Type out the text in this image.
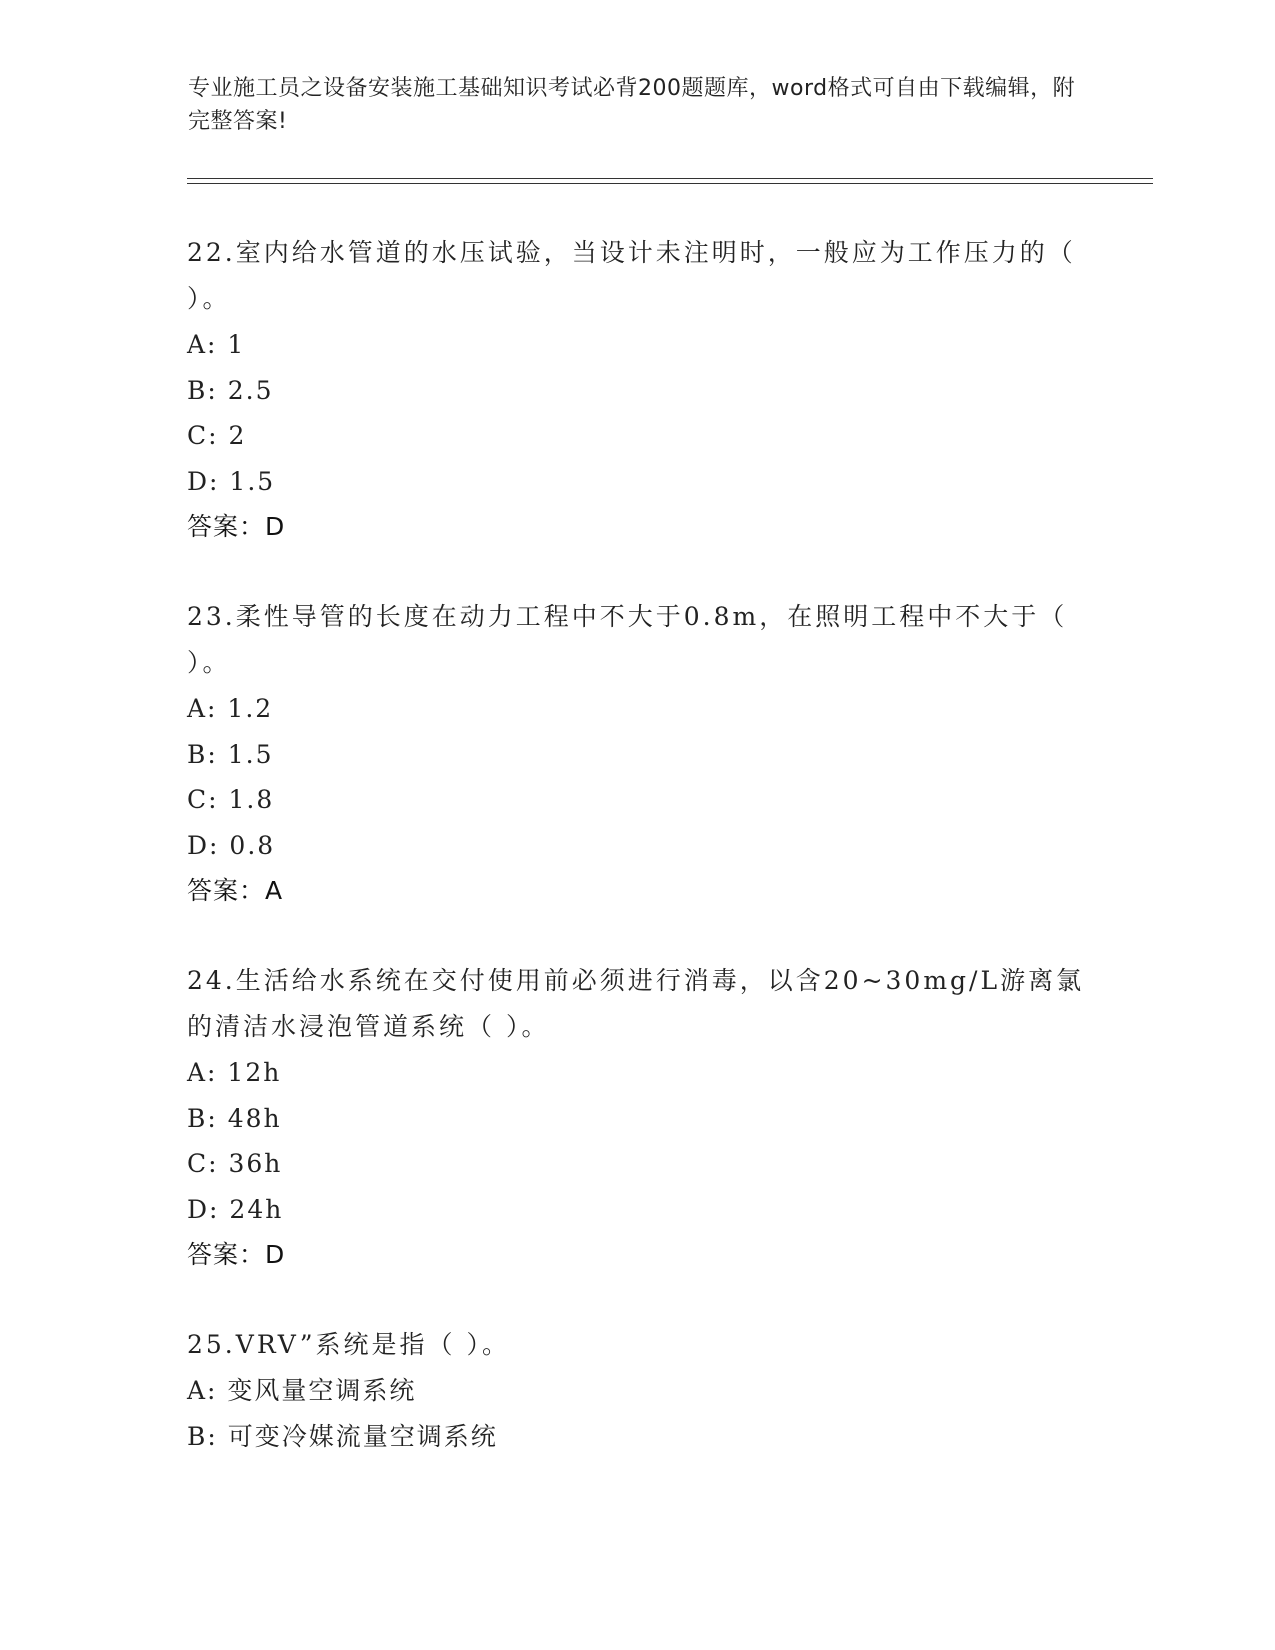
专业施工员之设备安装施工基础知识考试必背200题题库，word格式可自由下载编辑，附完整答案!
22.室内给水管道的水压试验，当设计未注明时，一般应为工作压力的（ ）。
A: 1
B: 2.5
C: 2
D: 1.5
答案：D
23.柔性导管的长度在动力工程中不大于0.8m，在照明工程中不大于（ ）。
A: 1.2
B: 1.5
C: 1.8
D: 0.8
答案：A
24.生活给水系统在交付使用前必须进行消毒，以含20~30mg/L游离氯的清洁水浸泡管道系统（ ）。
A: 12h
B: 48h
C: 36h
D: 24h
答案：D
25.VRV”系统是指（ ）。
A: 变风量空调系统
B: 可变冷媒流量空调系统
